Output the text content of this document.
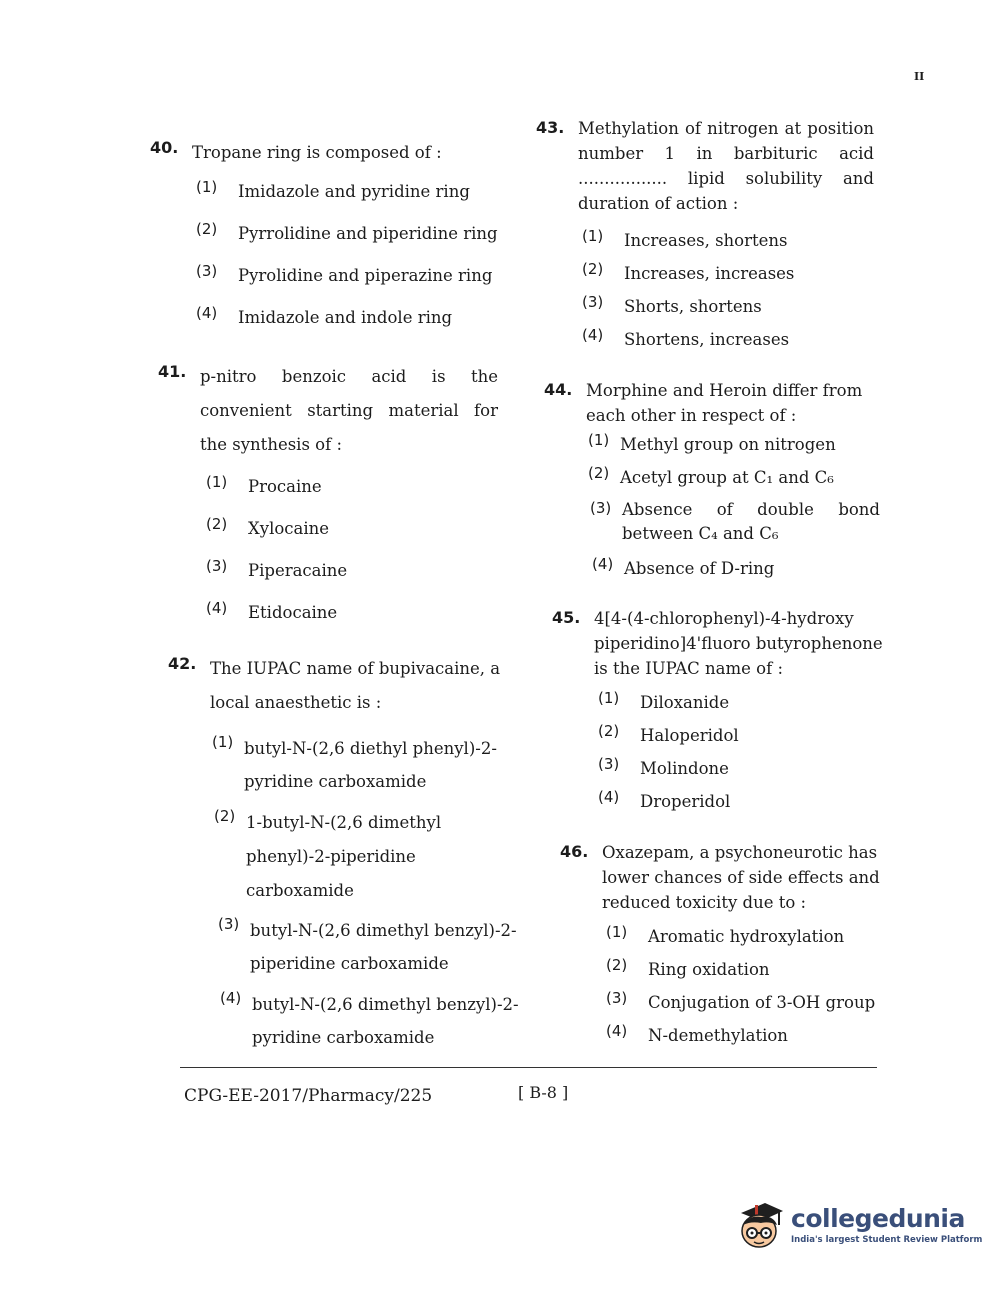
II
40. Tropane ring is composed of :
(1)	Imidazole and pyridine ring
(2)	Pyrrolidine and piperidine ring
(3)	Pyrolidine and piperazine ring
(4)	Imidazole and indole ring
41. p-nitro benzoic acid is the convenient starting material for the synthesis of :
(1)	Procaine
(2)	Xylocaine
(3)	Piperacaine
(4)	Etidocaine
42. The IUPAC name of bupivacaine, a local anaesthetic is :
(1) butyl-N-(2,6 diethyl phenyl)-2-pyridine carboxamide
(2) 1-butyl-N-(2,6 dimethyl phenyl)-2-piperidine carboxamide
(3) butyl-N-(2,6 dimethyl benzyl)-2-piperidine carboxamide
(4) butyl-N-(2,6 dimethyl benzyl)-2-pyridine carboxamide
43. Methylation of nitrogen at position number 1 in barbituric acid ................. lipid solubility and duration of action :
(1)	Increases, shortens
(2)	Increases, increases
(3)	Shorts, shortens
(4)	Shortens, increases
44. Morphine and Heroin differ from each other in respect of :
(1) Methyl group on nitrogen
(2) Acetyl group at C₁ and C₆
(3) Absence of double bond between C₄ and C₆
(4) Absence of D-ring
45. 4[4-(4-chlorophenyl)-4-hydroxy piperidino]4'fluoro butyrophenone is the IUPAC name of :
(1)	Diloxanide
(2)	Haloperidol
(3)	Molindone
(4)	Droperidol
46. Oxazepam, a psychoneurotic has lower chances of side effects and reduced toxicity due to :
(1)	Aromatic hydroxylation
(2)	Ring oxidation
(3)	Conjugation of 3-OH group
(4)	N-demethylation
CPG-EE-2017/Pharmacy/225	[ B-8 ]
collegedunia
India's largest Student Review Platform
